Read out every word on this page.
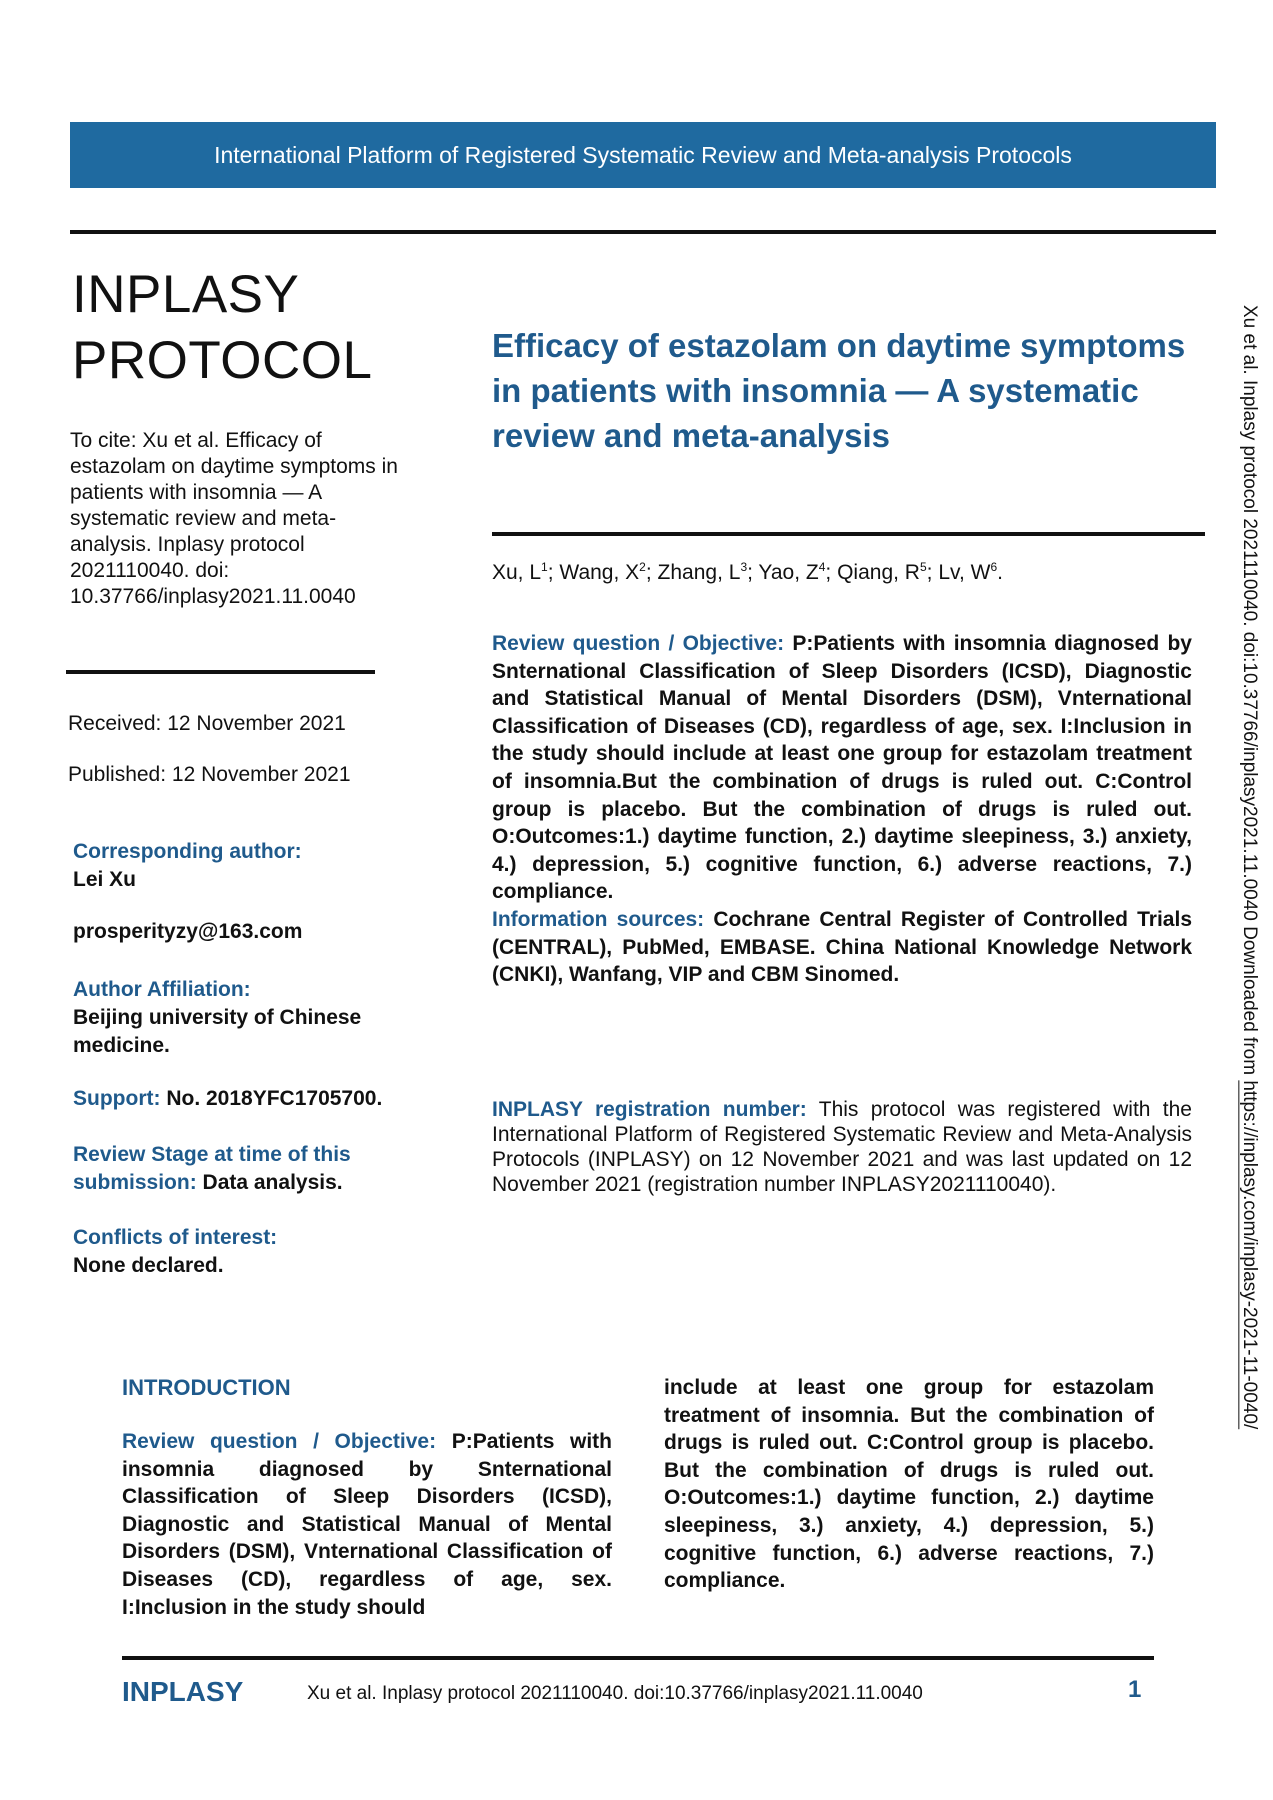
International Platform of Registered Systematic Review and Meta-analysis Protocols
INPLASY
PROTOCOL
To cite: Xu et al. Efficacy of estazolam on daytime symptoms in patients with insomnia — A systematic review and meta-analysis. Inplasy protocol 2021110040. doi: 10.37766/inplasy2021.11.0040
Received: 12 November 2021
Published: 12 November 2021
Corresponding author:
Lei Xu
prosperityzy@163.com
Author Affiliation:
Beijing university of Chinese medicine.
Support: No. 2018YFC1705700.
Review Stage at time of this submission: Data analysis.
Conflicts of interest:
None declared.
Efficacy of estazolam on daytime symptoms in patients with insomnia — A systematic review and meta-analysis
Xu, $L^1$; Wang, $X^2$; Zhang, $L^3$; Yao, $Z^4$; Qiang, $R^5$; Lv, $W^6$.

Review question / Objective: P:Patients with insomnia diagnosed by Snternational Classification of Sleep Disorders (ICSD), Diagnostic and Statistical Manual of Mental Disorders (DSM), Vnternational Classification of Diseases (CD), regardless of age, sex. I:Inclusion in the study should include at least one group for estazolam treatment of insomnia.But the combination of drugs is ruled out. C:Control group is placebo. But the combination of drugs is ruled out. O:Outcomes:1.) daytime function, 2.) daytime sleepiness, 3.) anxiety, 4.) depression, 5.) cognitive function, 6.) adverse reactions, 7.) compliance.

Information sources: Cochrane Central Register of Controlled Trials (CENTRAL), PubMed, EMBASE. China National Knowledge Network (CNKI), Wanfang, VIP and CBM Sinomed.

INPLASY registration number: This protocol was registered with the International Platform of Registered Systematic Review and Meta-Analysis Protocols (INPLASY) on 12 November 2021 and was last updated on 12 November 2021 (registration number INPLASY2021110040).
INTRODUCTION
Review question / Objective: P:Patients with insomnia diagnosed by Snternational Classification of Sleep Disorders (ICSD), Diagnostic and Statistical Manual of Mental Disorders (DSM), Vnternational Classification of Diseases (CD), regardless of age, sex. I:Inclusion in the study should
include at least one group for estazolam treatment of insomnia. But the combination of drugs is ruled out. C:Control group is placebo. But the combination of drugs is ruled out. O:Outcomes:1.) daytime function, 2.) daytime sleepiness, 3.) anxiety, 4.) depression, 5.) cognitive function, 6.) adverse reactions, 7.) compliance.
INPLASY	Xu et al. Inplasy protocol 2021110040. doi:10.37766/inplasy2021.11.0040	1
Xu et al. Inplasy protocol 2021110040. doi:10.37766/inplasy2021.11.0040 Downloaded from https://inplasy.com/inplasy-2021-11-0040/
